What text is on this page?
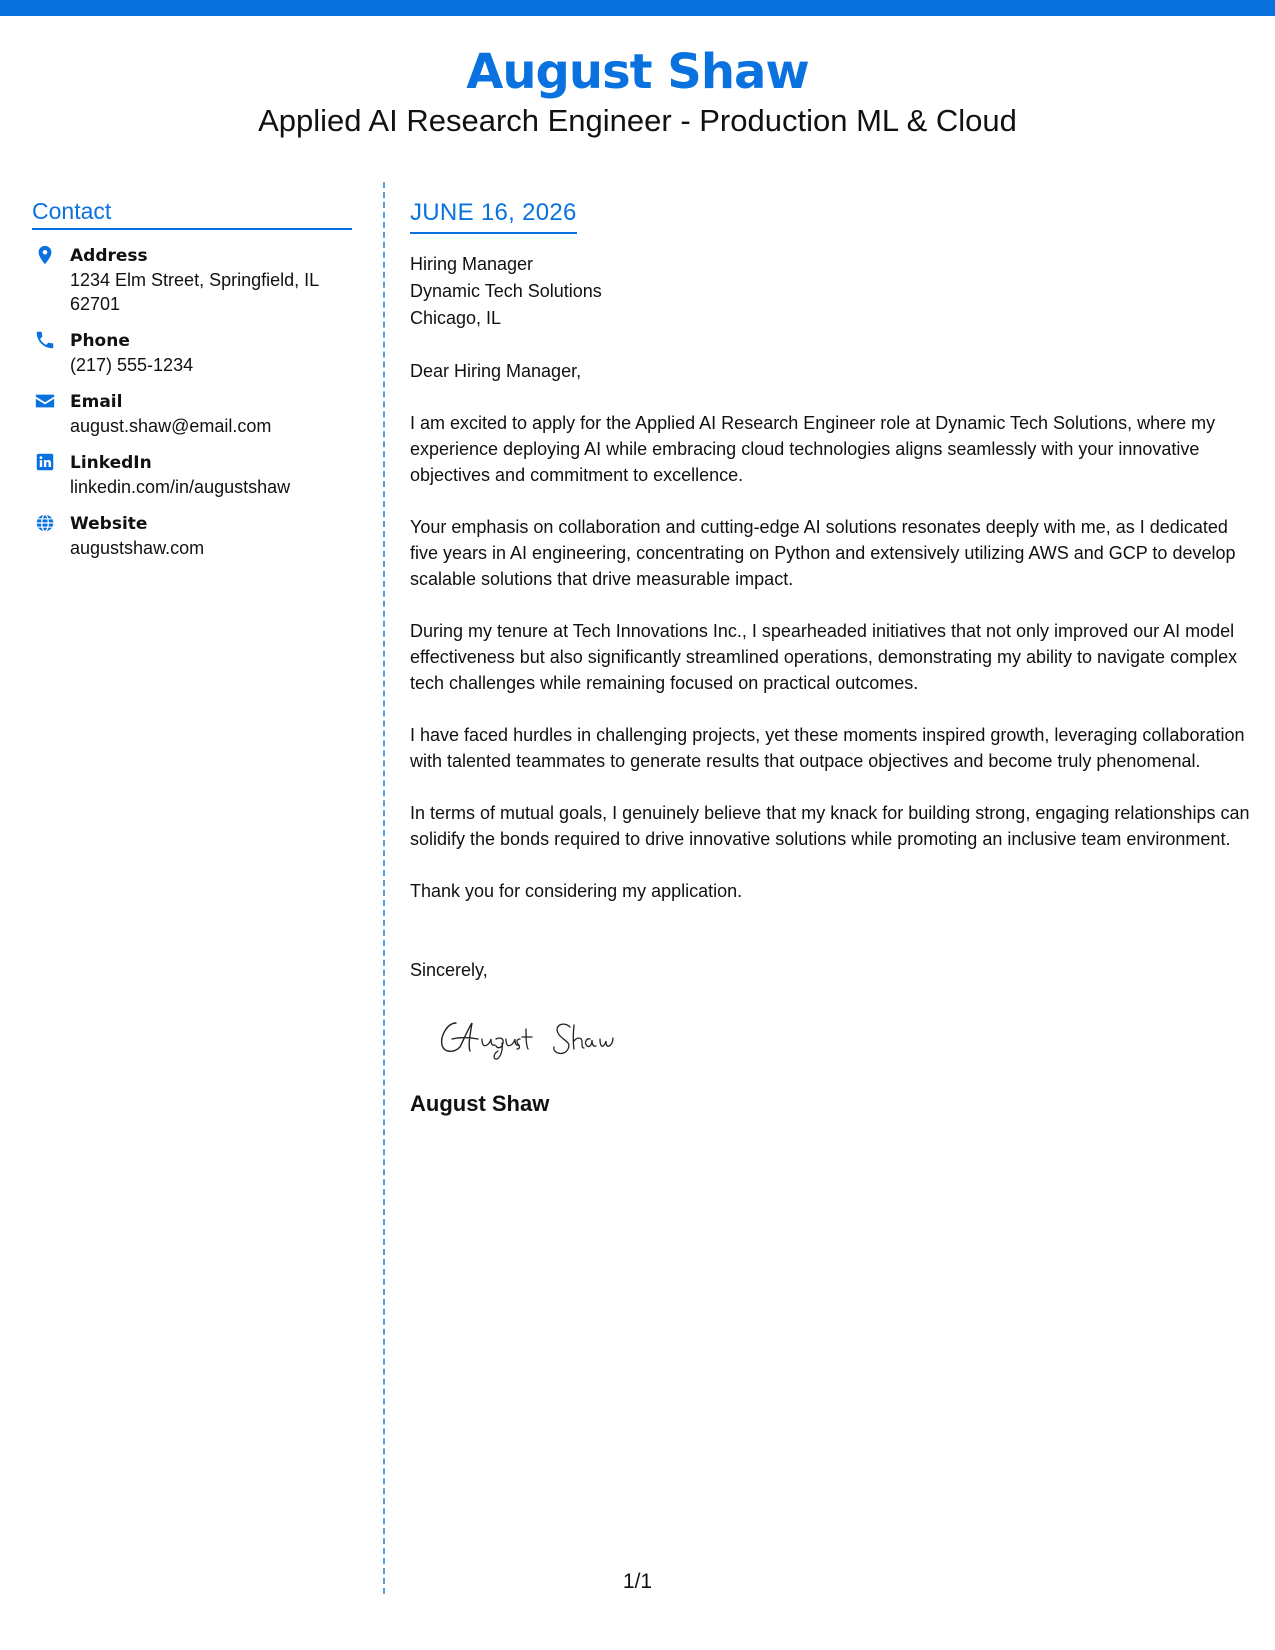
August Shaw
Applied AI Research Engineer - Production ML & Cloud
Contact
Address
1234 Elm Street, Springfield, IL 62701
Phone
(217) 555-1234
Email
august.shaw@email.com
LinkedIn
linkedin.com/in/augustshaw
Website
augustshaw.com
JUNE 16, 2026
Hiring Manager
Dynamic Tech Solutions
Chicago, IL
Dear Hiring Manager,
I am excited to apply for the Applied AI Research Engineer role at Dynamic Tech Solutions, where my experience deploying AI while embracing cloud technologies aligns seamlessly with your innovative objectives and commitment to excellence.
Your emphasis on collaboration and cutting-edge AI solutions resonates deeply with me, as I dedicated five years in AI engineering, concentrating on Python and extensively utilizing AWS and GCP to develop scalable solutions that drive measurable impact.
During my tenure at Tech Innovations Inc., I spearheaded initiatives that not only improved our AI model effectiveness but also significantly streamlined operations, demonstrating my ability to navigate complex tech challenges while remaining focused on practical outcomes.
I have faced hurdles in challenging projects, yet these moments inspired growth, leveraging collaboration with talented teammates to generate results that outpace objectives and become truly phenomenal.
In terms of mutual goals, I genuinely believe that my knack for building strong, engaging relationships can solidify the bonds required to drive innovative solutions while promoting an inclusive team environment.
Thank you for considering my application.
Sincerely,
August Shaw
1/1
